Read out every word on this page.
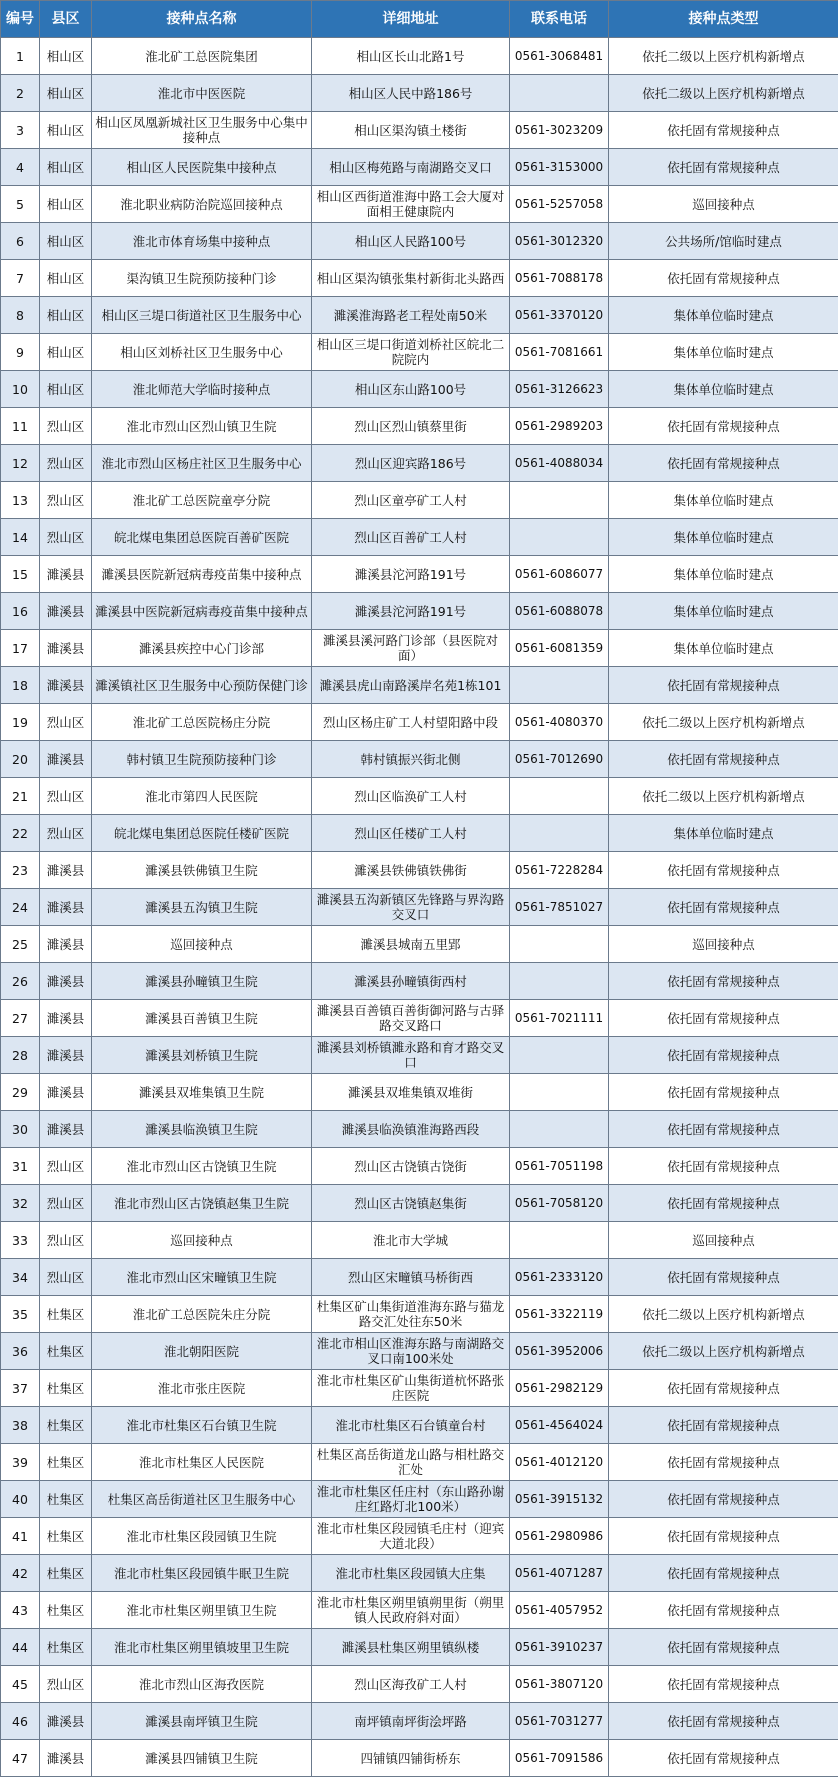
编号	县区	接种点名称	详细地址	联系电话	接种点类型
1	相山区	淮北矿工总医院集团	相山区长山北路1号	0561-3068481	依托二级以上医疗机构新增点
2	相山区	淮北市中医医院	相山区人民中路186号		依托二级以上医疗机构新增点
3	相山区	相山区凤凰新城社区卫生服务中心集中接种点	相山区渠沟镇土楼街	0561-3023209	依托固有常规接种点
4	相山区	相山区人民医院集中接种点	相山区梅苑路与南湖路交叉口	0561-3153000	依托固有常规接种点
5	相山区	淮北职业病防治院巡回接种点	相山区西街道淮海中路工会大厦对面相王健康院内	0561-5257058	巡回接种点
6	相山区	淮北市体育场集中接种点	相山区人民路100号	0561-3012320	公共场所/馆临时建点
7	相山区	渠沟镇卫生院预防接种门诊	相山区渠沟镇张集村新街北头路西	0561-7088178	依托固有常规接种点
8	相山区	相山区三堤口街道社区卫生服务中心	濉溪淮海路老工程处南50米	0561-3370120	集体单位临时建点
9	相山区	相山区刘桥社区卫生服务中心	相山区三堤口街道刘桥社区皖北二院院内	0561-7081661	集体单位临时建点
10	相山区	淮北师范大学临时接种点	相山区东山路100号	0561-3126623	集体单位临时建点
11	烈山区	淮北市烈山区烈山镇卫生院	烈山区烈山镇蔡里街	0561-2989203	依托固有常规接种点
12	烈山区	淮北市烈山区杨庄社区卫生服务中心	烈山区迎宾路186号	0561-4088034	依托固有常规接种点
13	烈山区	淮北矿工总医院童亭分院	烈山区童亭矿工人村		集体单位临时建点
14	烈山区	皖北煤电集团总医院百善矿医院	烈山区百善矿工人村		集体单位临时建点
15	濉溪县	濉溪县医院新冠病毒疫苗集中接种点	濉溪县沱河路191号	0561-6086077	集体单位临时建点
16	濉溪县	濉溪县中医院新冠病毒疫苗集中接种点	濉溪县沱河路191号	0561-6088078	集体单位临时建点
17	濉溪县	濉溪县疾控中心门诊部	濉溪县溪河路门诊部（县医院对面）	0561-6081359	集体单位临时建点
18	濉溪县	濉溪镇社区卫生服务中心预防保健门诊	濉溪县虎山南路溪岸名苑1栋101		依托固有常规接种点
19	烈山区	淮北矿工总医院杨庄分院	烈山区杨庄矿工人村望阳路中段	0561-4080370	依托二级以上医疗机构新增点
20	濉溪县	韩村镇卫生院预防接种门诊	韩村镇振兴街北侧	0561-7012690	依托固有常规接种点
21	烈山区	淮北市第四人民医院	烈山区临涣矿工人村		依托二级以上医疗机构新增点
22	烈山区	皖北煤电集团总医院任楼矿医院	烈山区任楼矿工人村		集体单位临时建点
23	濉溪县	濉溪县铁佛镇卫生院	濉溪县铁佛镇铁佛街	0561-7228284	依托固有常规接种点
24	濉溪县	濉溪县五沟镇卫生院	濉溪县五沟新镇区先锋路与界沟路交叉口	0561-7851027	依托固有常规接种点
25	濉溪县	巡回接种点	濉溪县城南五里郢		巡回接种点
26	濉溪县	濉溪县孙疃镇卫生院	濉溪县孙疃镇街西村		依托固有常规接种点
27	濉溪县	濉溪县百善镇卫生院	濉溪县百善镇百善街御河路与古驿路交叉路口	0561-7021111	依托固有常规接种点
28	濉溪县	濉溪县刘桥镇卫生院	濉溪县刘桥镇濉永路和育才路交叉口		依托固有常规接种点
29	濉溪县	濉溪县双堆集镇卫生院	濉溪县双堆集镇双堆街		依托固有常规接种点
30	濉溪县	濉溪县临涣镇卫生院	濉溪县临涣镇淮海路西段		依托固有常规接种点
31	烈山区	淮北市烈山区古饶镇卫生院	烈山区古饶镇古饶街	0561-7051198	依托固有常规接种点
32	烈山区	淮北市烈山区古饶镇赵集卫生院	烈山区古饶镇赵集街	0561-7058120	依托固有常规接种点
33	烈山区	巡回接种点	淮北市大学城		巡回接种点
34	烈山区	淮北市烈山区宋疃镇卫生院	烈山区宋疃镇马桥街西	0561-2333120	依托固有常规接种点
35	杜集区	淮北矿工总医院朱庄分院	杜集区矿山集街道淮海东路与猫龙路交汇处往东50米	0561-3322119	依托二级以上医疗机构新增点
36	杜集区	淮北朝阳医院	淮北市相山区淮海东路与南湖路交叉口南100米处	0561-3952006	依托二级以上医疗机构新增点
37	杜集区	淮北市张庄医院	淮北市杜集区矿山集街道杭怀路张庄医院	0561-2982129	依托固有常规接种点
38	杜集区	淮北市杜集区石台镇卫生院	淮北市杜集区石台镇童台村	0561-4564024	依托固有常规接种点
39	杜集区	淮北市杜集区人民医院	杜集区高岳街道龙山路与相杜路交汇处	0561-4012120	依托固有常规接种点
40	杜集区	杜集区高岳街道社区卫生服务中心	淮北市杜集区任庄村（东山路孙谢庄红路灯北100米）	0561-3915132	依托固有常规接种点
41	杜集区	淮北市杜集区段园镇卫生院	淮北市杜集区段园镇毛庄村（迎宾大道北段）	0561-2980986	依托固有常规接种点
42	杜集区	淮北市杜集区段园镇牛眠卫生院	淮北市杜集区段园镇大庄集	0561-4071287	依托固有常规接种点
43	杜集区	淮北市杜集区朔里镇卫生院	淮北市杜集区朔里镇朔里街（朔里镇人民政府斜对面）	0561-4057952	依托固有常规接种点
44	杜集区	淮北市杜集区朔里镇坡里卫生院	濉溪县杜集区朔里镇纵楼	0561-3910237	依托固有常规接种点
45	烈山区	淮北市烈山区海孜医院	烈山区海孜矿工人村	0561-3807120	依托固有常规接种点
46	濉溪县	濉溪县南坪镇卫生院	南坪镇南坪街浍坪路	0561-7031277	依托固有常规接种点
47	濉溪县	濉溪县四铺镇卫生院	四铺镇四铺街桥东	0561-7091586	依托固有常规接种点
